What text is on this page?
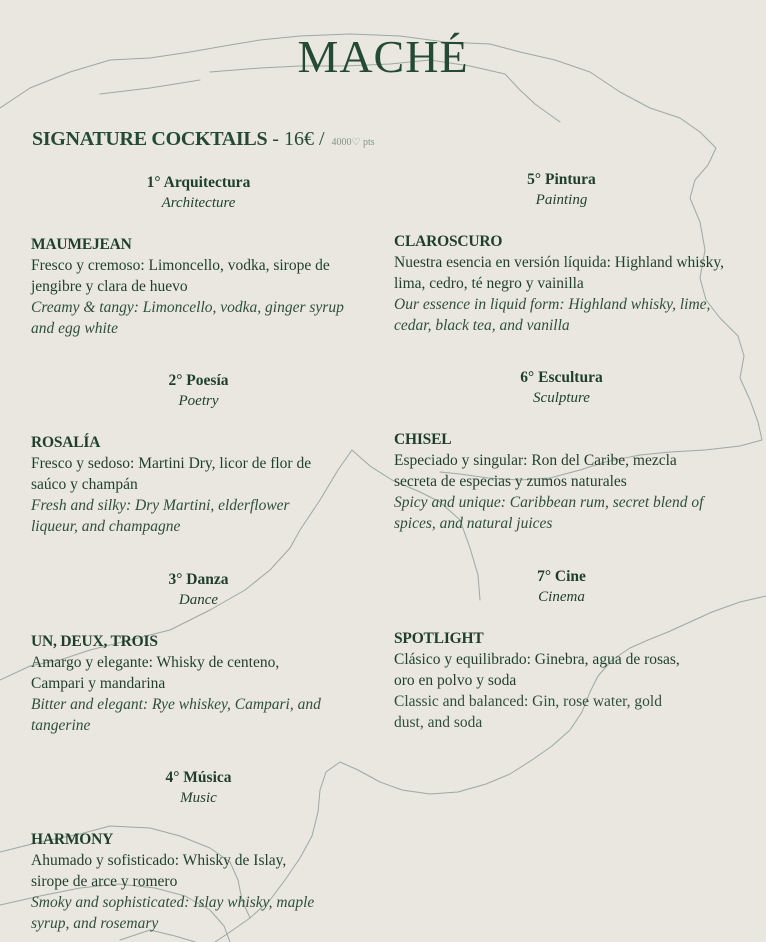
MACHÉ
SIGNATURE COCKTAILS - 16€ / 4000♡ pts
1° Arquitectura
Architecture
MAUMEJEAN
Fresco y cremoso: Limoncello, vodka, sirope de jengibre y clara de huevo
Creamy & tangy: Limoncello, vodka, ginger syrup and egg white
2° Poesía
Poetry
ROSALÍA
Fresco y sedoso: Martini Dry, licor de flor de saúco y champán
Fresh and silky: Dry Martini, elderflower liqueur, and champagne
3° Danza
Dance
UN, DEUX, TROIS
Amargo y elegante: Whisky de centeno, Campari y mandarina
Bitter and elegant: Rye whiskey, Campari, and tangerine
4° Música
Music
HARMONY
Ahumado y sofisticado: Whisky de Islay, sirope de arce y romero
Smoky and sophisticated: Islay whisky, maple syrup, and rosemary
5° Pintura
Painting
CLAROSCURO
Nuestra esencia en versión líquida: Highland whisky, lima, cedro, té negro y vainilla
Our essence in liquid form: Highland whisky, lime, cedar, black tea, and vanilla
6° Escultura
Sculpture
CHISEL
Especiado y singular: Ron del Caribe, mezcla secreta de especias y zumos naturales
Spicy and unique: Caribbean rum, secret blend of spices, and natural juices
7° Cine
Cinema
SPOTLIGHT
Clásico y equilibrado: Ginebra, agua de rosas, oro en polvo y soda
Classic and balanced: Gin, rose water, gold dust, and soda
